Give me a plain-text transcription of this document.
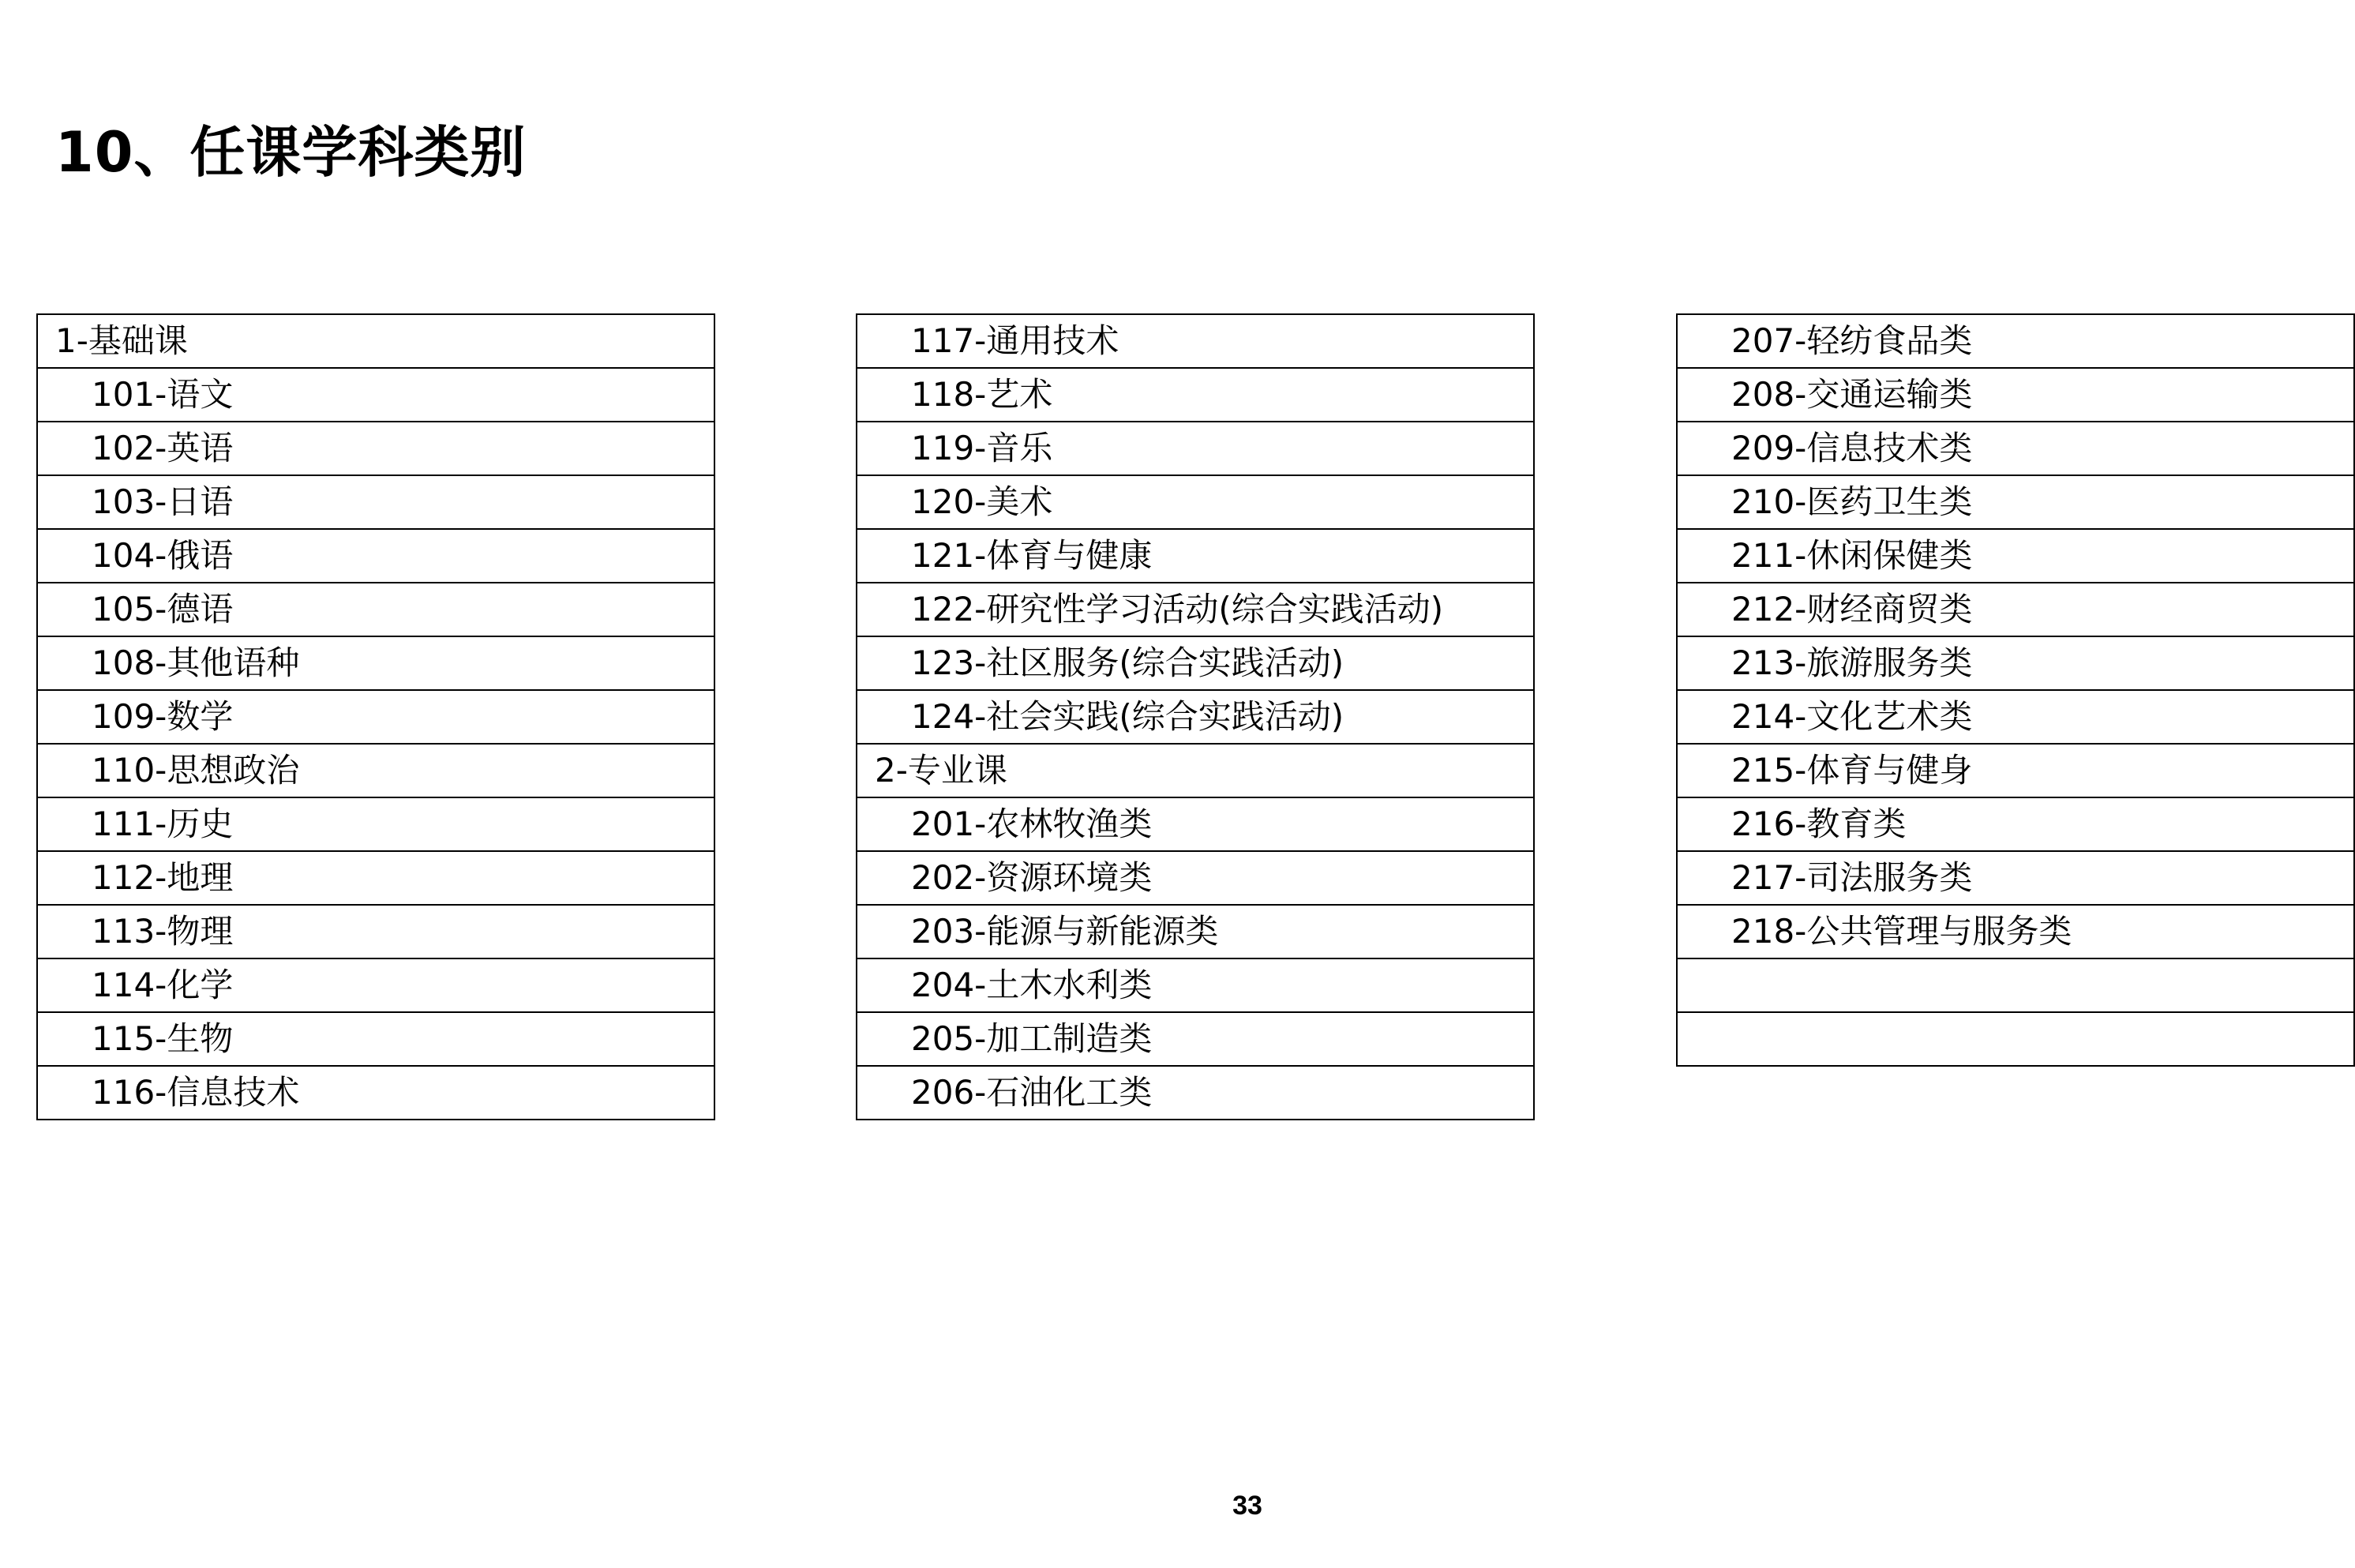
10、任课学科类别
1-基础课
101-语文
102-英语
103-日语
104-俄语
105-德语
108-其他语种
109-数学
110-思想政治
111-历史
112-地理
113-物理
114-化学
115-生物
116-信息技术
117-通用技术
118-艺术
119-音乐
120-美术
121-体育与健康
122-研究性学习活动(综合实践活动)
123-社区服务(综合实践活动)
124-社会实践(综合实践活动)
2-专业课
201-农林牧渔类
202-资源环境类
203-能源与新能源类
204-土木水利类
205-加工制造类
206-石油化工类
207-轻纺食品类
208-交通运输类
209-信息技术类
210-医药卫生类
211-休闲保健类
212-财经商贸类
213-旅游服务类
214-文化艺术类
215-体育与健身
216-教育类
217-司法服务类
218-公共管理与服务类

33
